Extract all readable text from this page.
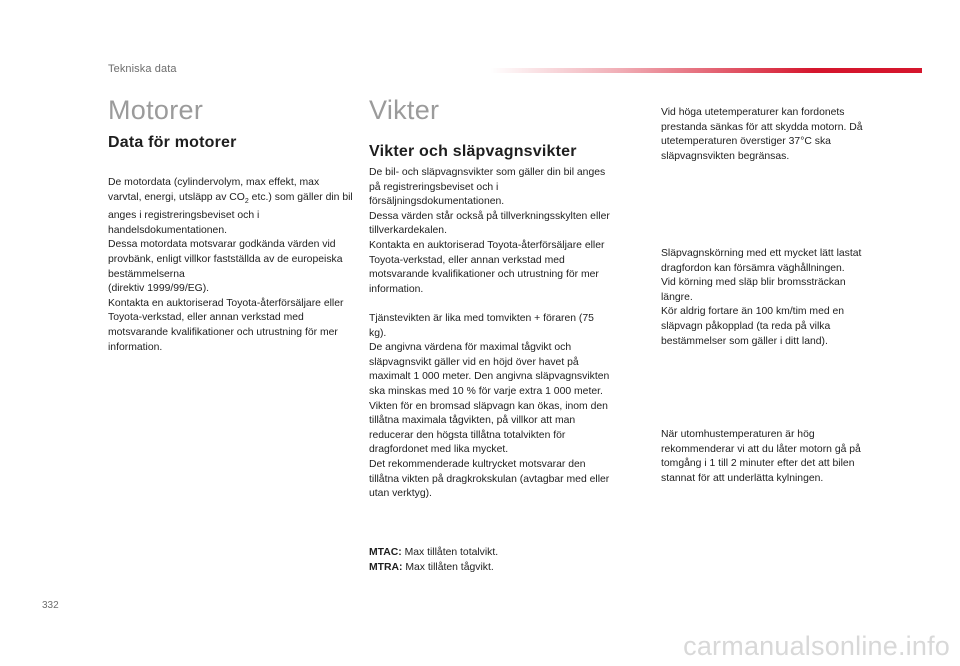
Tekniska data
Motorer
Data för motorer

De motordata (cylindervolym, max effekt, max varvtal, energi, utsläpp av $CO_2$ etc.) som gäller din bil anges i registreringsbeviset och i handelsdokumentationen.

Dessa motordata motsvarar godkända värden vid provbänk, enligt villkor fastställda av de europeiska bestämmelserna

(direktiv 1999/99/EG).

Kontakta en auktoriserad Toyota-återförsäljare eller Toyota-verkstad, eller annan verkstad med motsvarande kvalifikationer och utrustning för mer information.

Vikter
Vikter och släpvagnsvikter

De bil- och släpvagnsvikter som gäller din bil anges på registreringsbeviset och i försäljningsdokumentationen.

Dessa värden står också på tillverkningsskylten eller tillverkardekalen.

Kontakta en auktoriserad Toyota-återförsäljare eller Toyota-verkstad, eller annan verkstad med motsvarande kvalifikationer och utrustning för mer information.

Tjänstevikten är lika med tomvikten + föraren (75 kg).

De angivna värdena för maximal tågvikt och släpvagnsvikt gäller vid en höjd över havet på maximalt 1 000 meter. Den angivna släpvagnsvikten ska minskas med 10 % för varje extra 1 000 meter.

Vikten för en bromsad släpvagn kan ökas, inom den tillåtna maximala tågvikten, på villkor att man reducerar den högsta tillåtna totalvikten för dragfordonet med lika mycket.

Det rekommenderade kultrycket motsvarar den tillåtna vikten på dragkrokskulan (avtagbar med eller utan verktyg).

MTAC: Max tillåten totalvikt.

MTRA: Max tillåten tågvikt.

Vid höga utetemperaturer kan fordonets prestanda sänkas för att skydda motorn. Då utetemperaturen överstiger 37°C ska släpvagnsvikten begränsas.

Släpvagnskörning med ett mycket lätt lastat dragfordon kan försämra väghållningen.

Vid körning med släp blir bromssträckan längre.

Kör aldrig fortare än 100 km/tim med en släpvagn påkopplad (ta reda på vilka bestämmelser som gäller i ditt land).

När utomhustemperaturen är hög rekommenderar vi att du låter motorn gå på tomgång i 1 till 2 minuter efter det att bilen stannat för att underlätta kylningen.

332
carmanualsonline.info
